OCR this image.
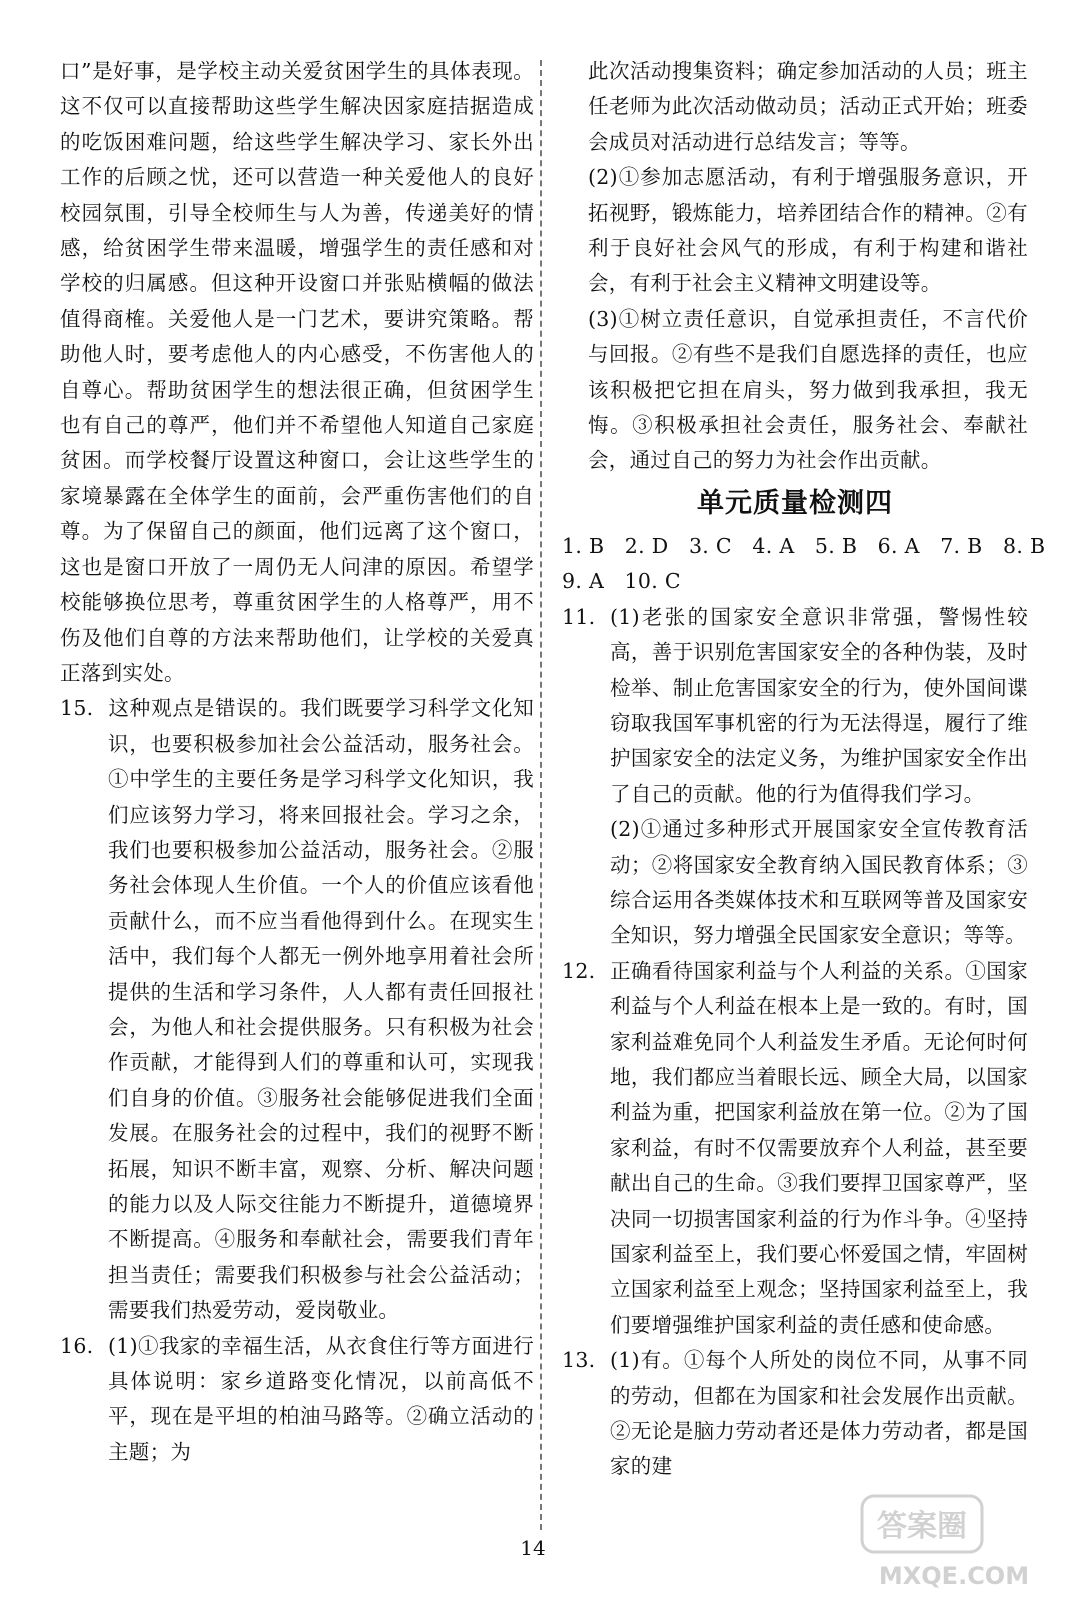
口”是好事，是学校主动关爱贫困学生的具体表现。这不仅可以直接帮助这些学生解决因家庭拮据造成的吃饭困难问题，给这些学生解决学习、家长外出工作的后顾之忧，还可以营造一种关爱他人的良好校园氛围，引导全校师生与人为善，传递美好的情感，给贫困学生带来温暖，增强学生的责任感和对学校的归属感。但这种开设窗口并张贴横幅的做法值得商榷。关爱他人是一门艺术，要讲究策略。帮助他人时，要考虑他人的内心感受，不伤害他人的自尊心。帮助贫困学生的想法很正确，但贫困学生也有自己的尊严，他们并不希望他人知道自己家庭贫困。而学校餐厅设置这种窗口，会让这些学生的家境暴露在全体学生的面前，会严重伤害他们的自尊。为了保留自己的颜面，他们远离了这个窗口，这也是窗口开放了一周仍无人问津的原因。希望学校能够换位思考，尊重贫困学生的人格尊严，用不伤及他们自尊的方法来帮助他们，让学校的关爱真正落到实处。

15. 这种观点是错误的。我们既要学习科学文化知识，也要积极参加社会公益活动，服务社会。①中学生的主要任务是学习科学文化知识，我们应该努力学习，将来回报社会。学习之余，我们也要积极参加公益活动，服务社会。②服务社会体现人生价值。一个人的价值应该看他贡献什么，而不应当看他得到什么。在现实生活中，我们每个人都无一例外地享用着社会所提供的生活和学习条件，人人都有责任回报社会，为他人和社会提供服务。只有积极为社会作贡献，才能得到人们的尊重和认可，实现我们自身的价值。③服务社会能够促进我们全面发展。在服务社会的过程中，我们的视野不断拓展，知识不断丰富，观察、分析、解决问题的能力以及人际交往能力不断提升，道德境界不断提高。④服务和奉献社会，需要我们青年担当责任；需要我们积极参与社会公益活动；需要我们热爱劳动，爱岗敬业。

16. (1)①我家的幸福生活，从衣食住行等方面进行具体说明：家乡道路变化情况，以前高低不平，现在是平坦的柏油马路等。②确立活动的主题；为

此次活动搜集资料；确定参加活动的人员；班主任老师为此次活动做动员；活动正式开始；班委会成员对活动进行总结发言；等等。

(2)①参加志愿活动，有利于增强服务意识，开拓视野，锻炼能力，培养团结合作的精神。②有利于良好社会风气的形成，有利于构建和谐社会，有利于社会主义精神文明建设等。

(3)①树立责任意识，自觉承担责任，不言代价与回报。②有些不是我们自愿选择的责任，也应该积极把它担在肩头，努力做到我承担，我无悔。③积极承担社会责任，服务社会、奉献社会，通过自己的努力为社会作出贡献。

单元质量检测四

1. B   2. D   3. C   4. A   5. B   6. A   7. B   8. B

9. A   10. C

11. (1)老张的国家安全意识非常强，警惕性较高，善于识别危害国家安全的各种伪装，及时检举、制止危害国家安全的行为，使外国间谍窃取我国军事机密的行为无法得逞，履行了维护国家安全的法定义务，为维护国家安全作出了自己的贡献。他的行为值得我们学习。

(2)①通过多种形式开展国家安全宣传教育活动；②将国家安全教育纳入国民教育体系；③综合运用各类媒体技术和互联网等普及国家安全知识，努力增强全民国家安全意识；等等。

12. 正确看待国家利益与个人利益的关系。①国家利益与个人利益在根本上是一致的。有时，国家利益难免同个人利益发生矛盾。无论何时何地，我们都应当着眼长远、顾全大局，以国家利益为重，把国家利益放在第一位。②为了国家利益，有时不仅需要放弃个人利益，甚至要献出自己的生命。③我们要捍卫国家尊严，坚决同一切损害国家利益的行为作斗争。④坚持国家利益至上，我们要心怀爱国之情，牢固树立国家利益至上观念；坚持国家利益至上，我们要增强维护国家利益的责任感和使命感。

13. (1)有。①每个人所处的岗位不同，从事不同的劳动，但都在为国家和社会发展作出贡献。②无论是脑力劳动者还是体力劳动者，都是国家的建

14
答案圈
MXQE.COM
